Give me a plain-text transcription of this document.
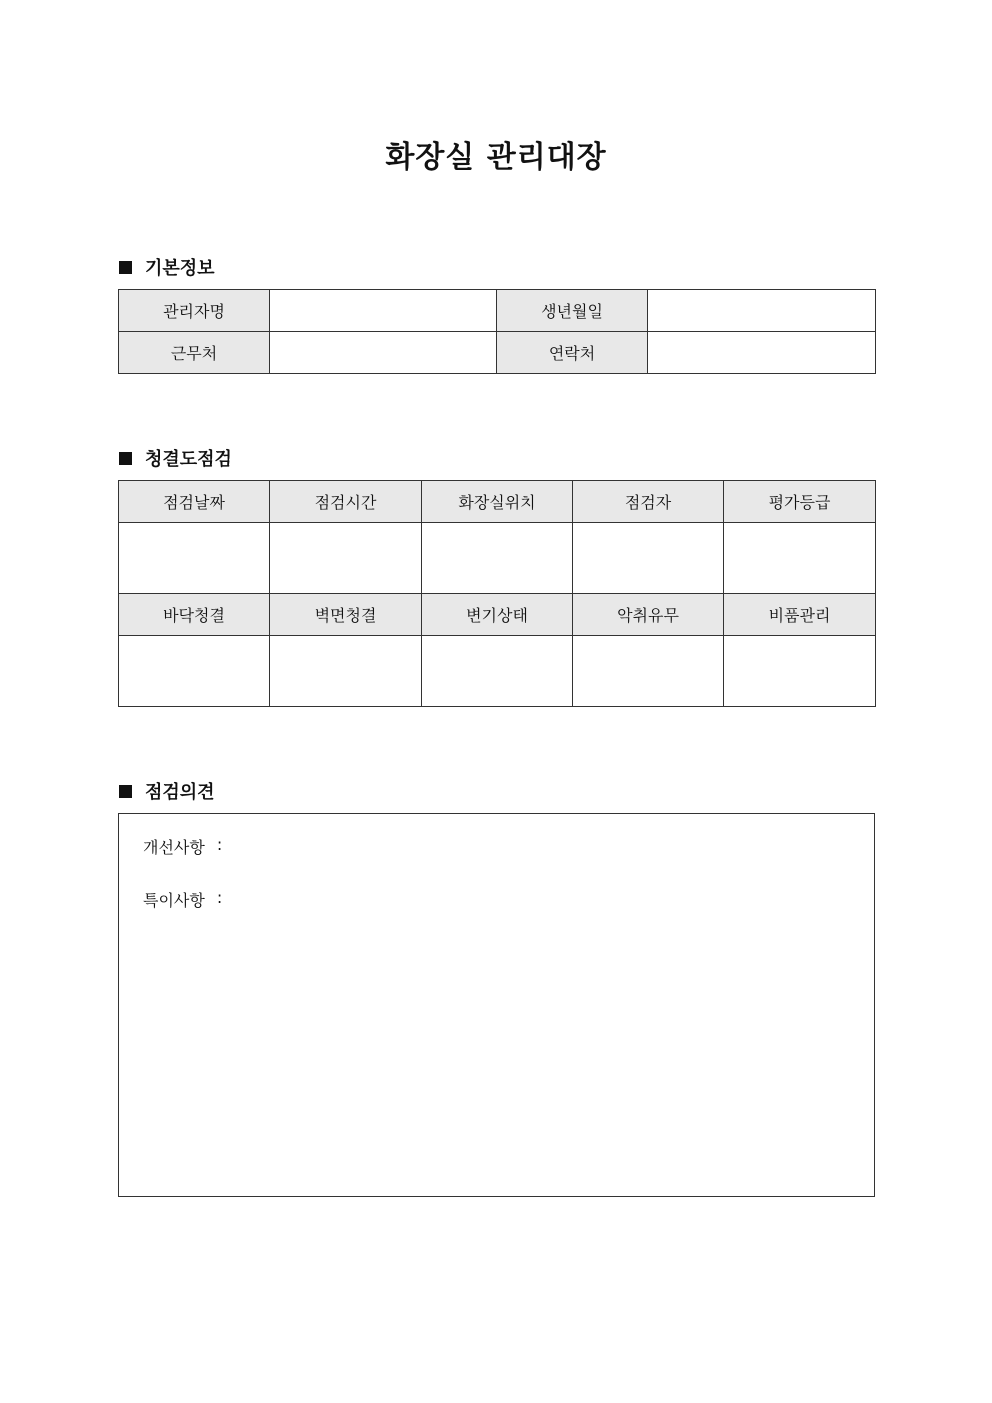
화장실 관리대장
기본정보
관리자명		생년월일	
근무처		연락처	
청결도점검
점검날짜	점검시간	화장실위치	점검자	평가등급

바닥청결	벽면청결	변기상태	악취유무	비품관리

점검의견
개선사항 :
특이사항 :
